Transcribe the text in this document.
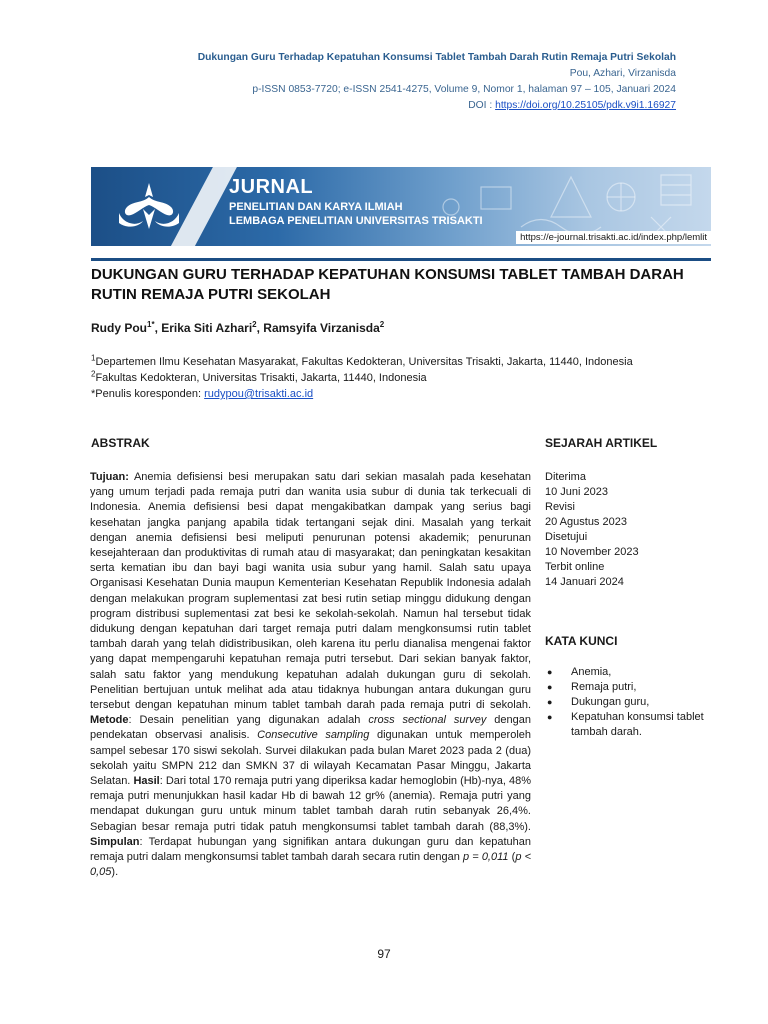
Dukungan Guru Terhadap Kepatuhan Konsumsi Tablet Tambah Darah Rutin Remaja Putri Sekolah
Pou, Azhari, Virzanisda
p-ISSN 0853-7720; e-ISSN 2541-4275, Volume 9, Nomor 1, halaman 97 – 105, Januari 2024
DOI : https://doi.org/10.25105/pdk.v9i1.16927
JURNAL
PENELITIAN DAN KARYA ILMIAH
LEMBAGA PENELITIAN UNIVERSITAS TRISAKTI
https://e-journal.trisakti.ac.id/index.php/lemlit
DUKUNGAN GURU TERHADAP KEPATUHAN KONSUMSI TABLET TAMBAH DARAH RUTIN REMAJA PUTRI SEKOLAH
Rudy Pou$^{1*}$, Erika Siti Azhari$^2$, Ramsyifa Virzanisda$^2$
$^1$Departemen Ilmu Kesehatan Masyarakat, Fakultas Kedokteran, Universitas Trisakti, Jakarta, 11440, Indonesia
$^2$Fakultas Kedokteran, Universitas Trisakti, Jakarta, 11440, Indonesia
*Penulis koresponden: rudypou@trisakti.ac.id
ABSTRAK	SEJARAH ARTIKEL
KATA KUNCI
Tujuan: Anemia defisiensi besi merupakan satu dari sekian masalah pada kesehatan yang umum terjadi pada remaja putri dan wanita usia subur di dunia tak terkecuali di Indonesia. Anemia defisiensi besi dapat mengakibatkan dampak yang serius bagi kesehatan jangka panjang apabila tidak tertangani sejak dini. Masalah yang terkait dengan anemia defisiensi besi meliputi penurunan potensi akademik; penurunan kesejahteraan dan produktivitas di rumah atau di masyarakat; dan peningkatan kesakitan serta kematian ibu dan bayi bagi wanita usia subur yang hamil. Salah satu upaya Organisasi Kesehatan Dunia maupun Kementerian Kesehatan Republik Indonesia adalah dengan melakukan program suplementasi zat besi rutin setiap minggu didukung dengan program distribusi suplementasi zat besi ke sekolah-sekolah. Namun hal tersebut tidak didukung dengan kepatuhan dari target remaja putri dalam mengkonsumsi rutin tablet tambah darah yang telah didistribusikan, oleh karena itu perlu dianalisa mengenai faktor yang dapat mempengaruhi kepatuhan remaja putri tersebut. Dari sekian banyak faktor, salah satu faktor yang mendukung kepatuhan adalah dukungan guru di sekolah. Penelitian bertujuan untuk melihat ada atau tidaknya hubungan antara dukungan guru tersebut dengan kepatuhan minum tablet tambah darah pada remaja putri di sekolah. Metode: Desain penelitian yang digunakan adalah cross sectional survey dengan pendekatan observasi analisis. Consecutive sampling digunakan untuk memperoleh sampel sebesar 170 siswi sekolah. Survei dilakukan pada bulan Maret 2023 pada 2 (dua) sekolah yaitu SMPN 212 dan SMKN 37 di wilayah Kecamatan Pasar Minggu, Jakarta Selatan. Hasil: Dari total 170 remaja putri yang diperiksa kadar hemoglobin (Hb)-nya, 48% remaja putri menunjukkan hasil kadar Hb di bawah 12 gr% (anemia). Remaja putri yang mendapat dukungan guru untuk minum tablet tambah darah rutin sebanyak 26,4%. Sebagian besar remaja putri tidak patuh mengkonsumsi tablet tambah darah (88,3%). Simpulan: Terdapat hubungan yang signifikan antara dukungan guru dan kepatuhan remaja putri dalam mengkonsumsi tablet tambah darah secara rutin dengan p = 0,011 (p < 0,05).
Diterima
10 Juni 2023
Revisi
20 Agustus 2023
Disetujui
10 November 2023
Terbit online
14 Januari 2024
● Anemia,
● Remaja putri,
● Dukungan guru,
● Kepatuhan konsumsi tablet tambah darah.
97
